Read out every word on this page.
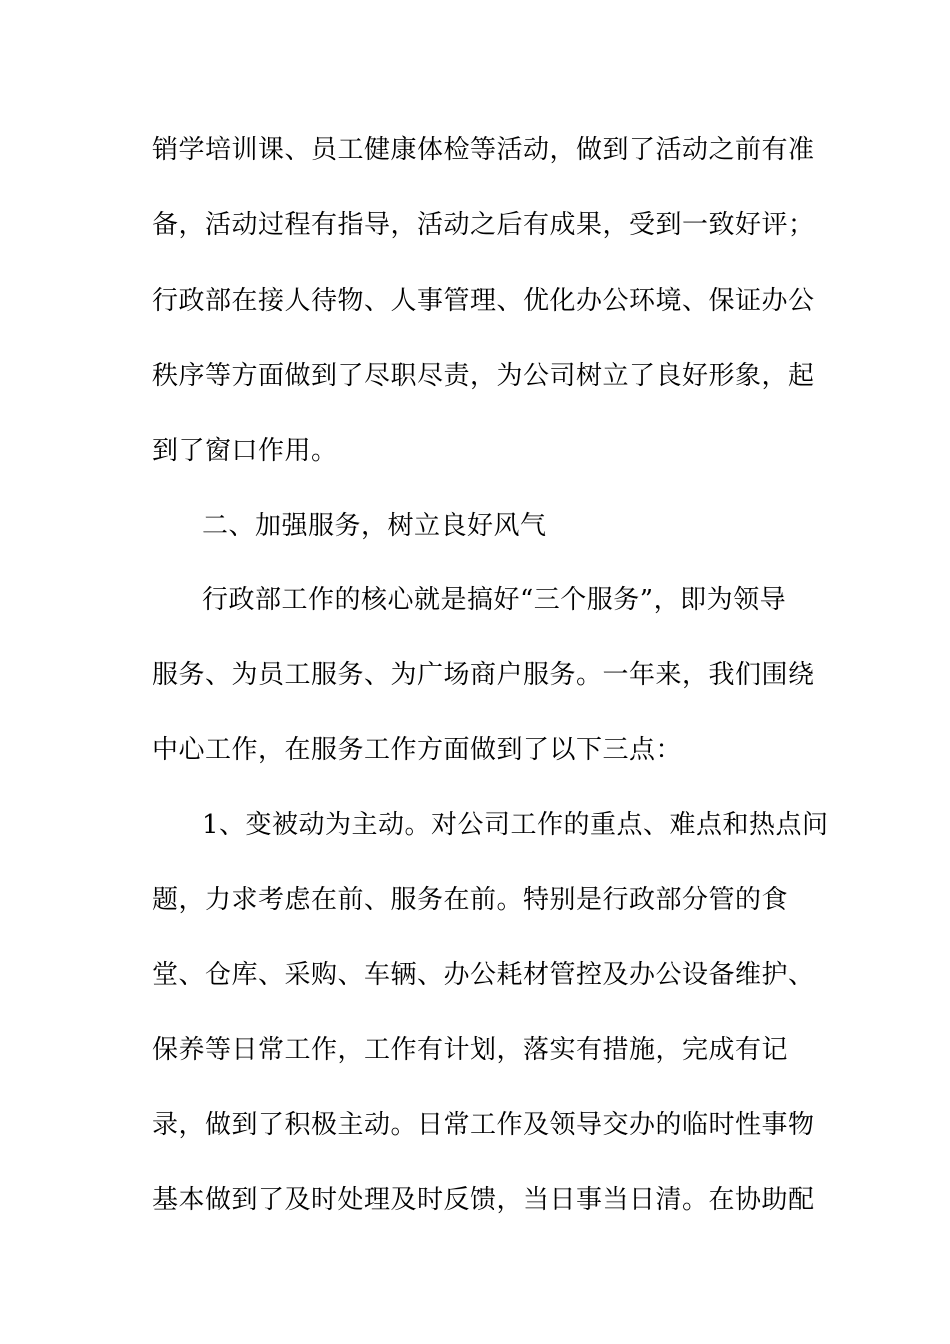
销学培训课、员工健康体检等活动，做到了活动之前有准
备，活动过程有指导，活动之后有成果，受到一致好评；
行政部在接人待物、人事管理、优化办公环境、保证办公
秩序等方面做到了尽职尽责，为公司树立了良好形象，起
到了窗口作用。
二、加强服务，树立良好风气
行政部工作的核心就是搞好“三个服务”，即为领导
服务、为员工服务、为广场商户服务。一年来，我们围绕
中心工作，在服务工作方面做到了以下三点：
1、变被动为主动。对公司工作的重点、难点和热点问
题，力求考虑在前、服务在前。特别是行政部分管的食
堂、仓库、采购、车辆、办公耗材管控及办公设备维护、
保养等日常工作，工作有计划，落实有措施，完成有记
录，做到了积极主动。日常工作及领导交办的临时性事物
基本做到了及时处理及时反馈，当日事当日清。在协助配
